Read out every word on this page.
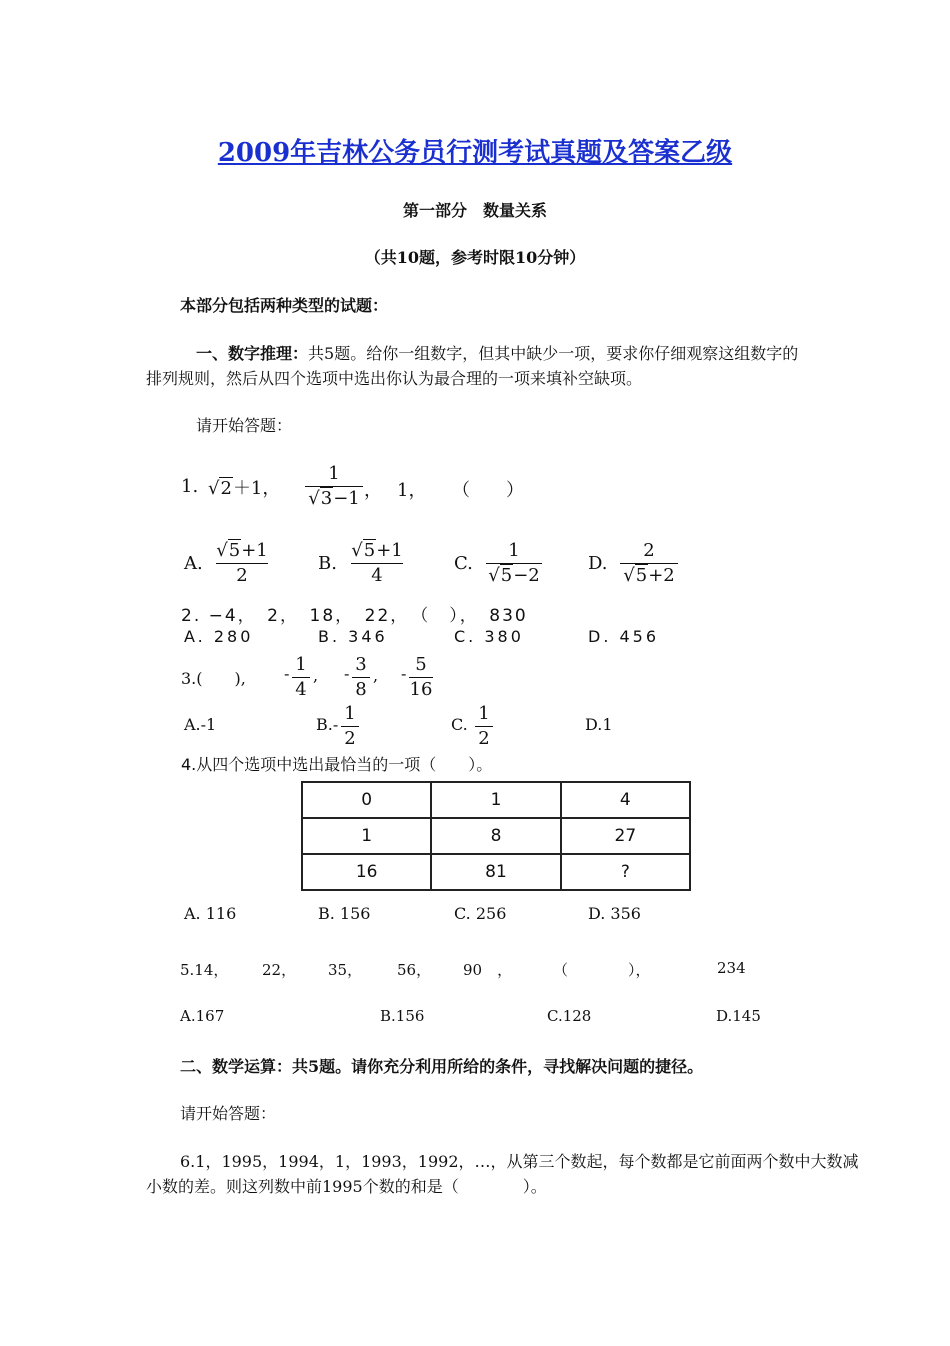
2009年吉林公务员行测考试真题及答案乙级
第一部分　数量关系
（共10题，参考时限10分钟）
本部分包括两种类型的试题：
一、数字推理：共5题。给你一组数字，但其中缺少一项，要求你仔细观察这组数字的
排列规则，然后从四个选项中选出你认为最合理的一项来填补空缺项。
请开始答题：
1. √2＋1，
1
√3−1 ， 1， （　　）
A.
√5+1
2
B.
√5+1
4
C.
1
√5−2
D.
2
√5+2
2. −4，　2，　18，　22，　（　），　830
A. 280	B. 346	C. 380	D. 456
3.(　　), - 1
4
, - 3
8
, - 5
16
A.-1	B.-
1
2
C.
1
2
D.1
4.从四个选项中选出最恰当的一项（　　）。
0	1	4
1	8	27
16	81	?
A. 116	B. 156	C. 256	D. 356
5.14， 22， 35， 56， 90　，	（　　　　），	234
A.167	B.156	C.128	D.145
二、数学运算：共5题。请你充分利用所给的条件，寻找解决问题的捷径。
请开始答题：
6.1，1995，1994，1，1993，1992，…，从第三个数起，每个数都是它前面两个数中大数减
小数的差。则这列数中前1995个数的和是（　　　　）。
